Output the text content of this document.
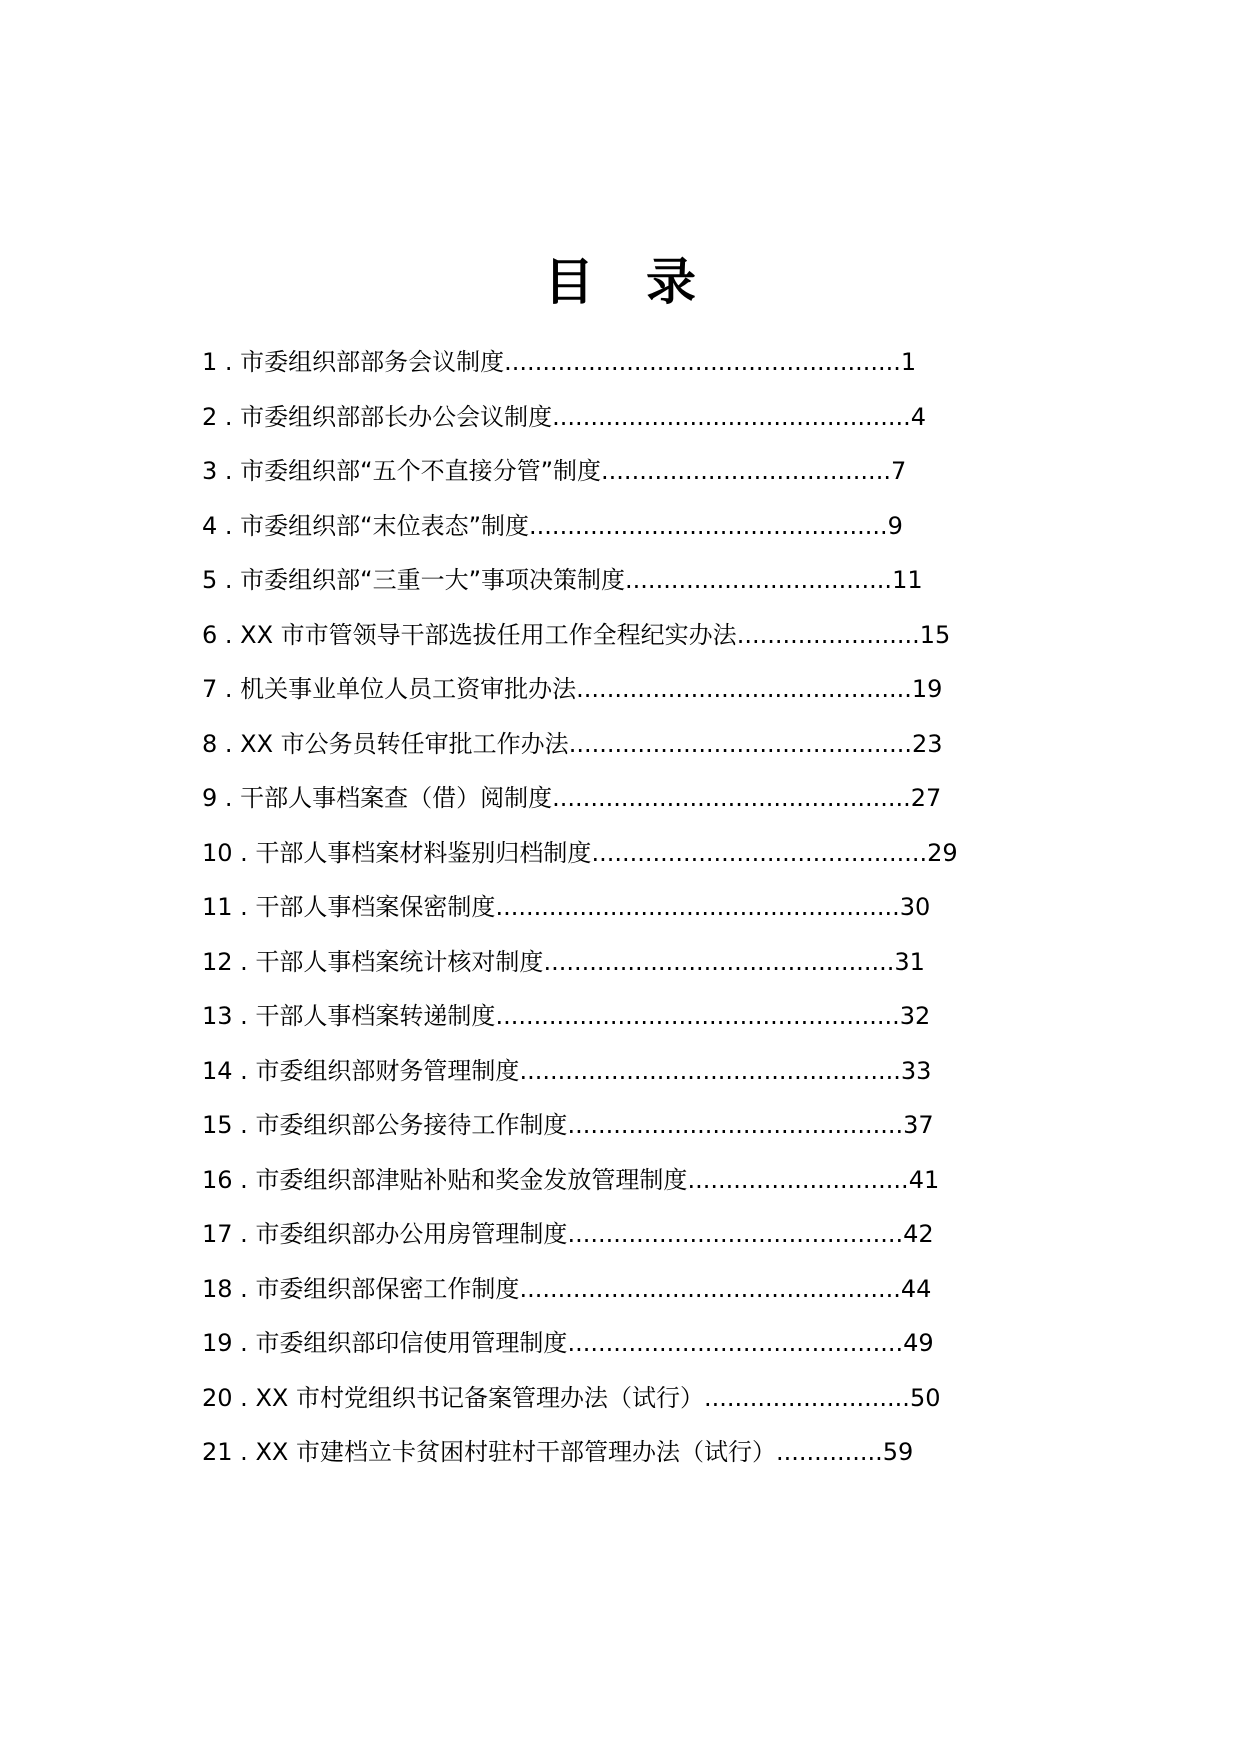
目录
1 . 市委组织部部务会议制度....................................................1
2 . 市委组织部部长办公会议制度...............................................4
3 . 市委组织部“五个不直接分管”制度......................................7
4 . 市委组织部“末位表态”制度...............................................9
5 . 市委组织部“三重一大”事项决策制度...................................11
6 . XX 市市管领导干部选拔任用工作全程纪实办法........................15
7 . 机关事业单位人员工资审批办法............................................19
8 . XX 市公务员转任审批工作办法.............................................23
9 . 干部人事档案查（借）阅制度...............................................27
10 . 干部人事档案材料鉴别归档制度............................................29
11 . 干部人事档案保密制度.....................................................30
12 . 干部人事档案统计核对制度..............................................31
13 . 干部人事档案转递制度.....................................................32
14 . 市委组织部财务管理制度..................................................33
15 . 市委组织部公务接待工作制度............................................37
16 . 市委组织部津贴补贴和奖金发放管理制度.............................41
17 . 市委组织部办公用房管理制度............................................42
18 . 市委组织部保密工作制度..................................................44
19 . 市委组织部印信使用管理制度............................................49
20 . XX 市村党组织书记备案管理办法（试行）...........................50
21 . XX 市建档立卡贫困村驻村干部管理办法（试行）..............59
